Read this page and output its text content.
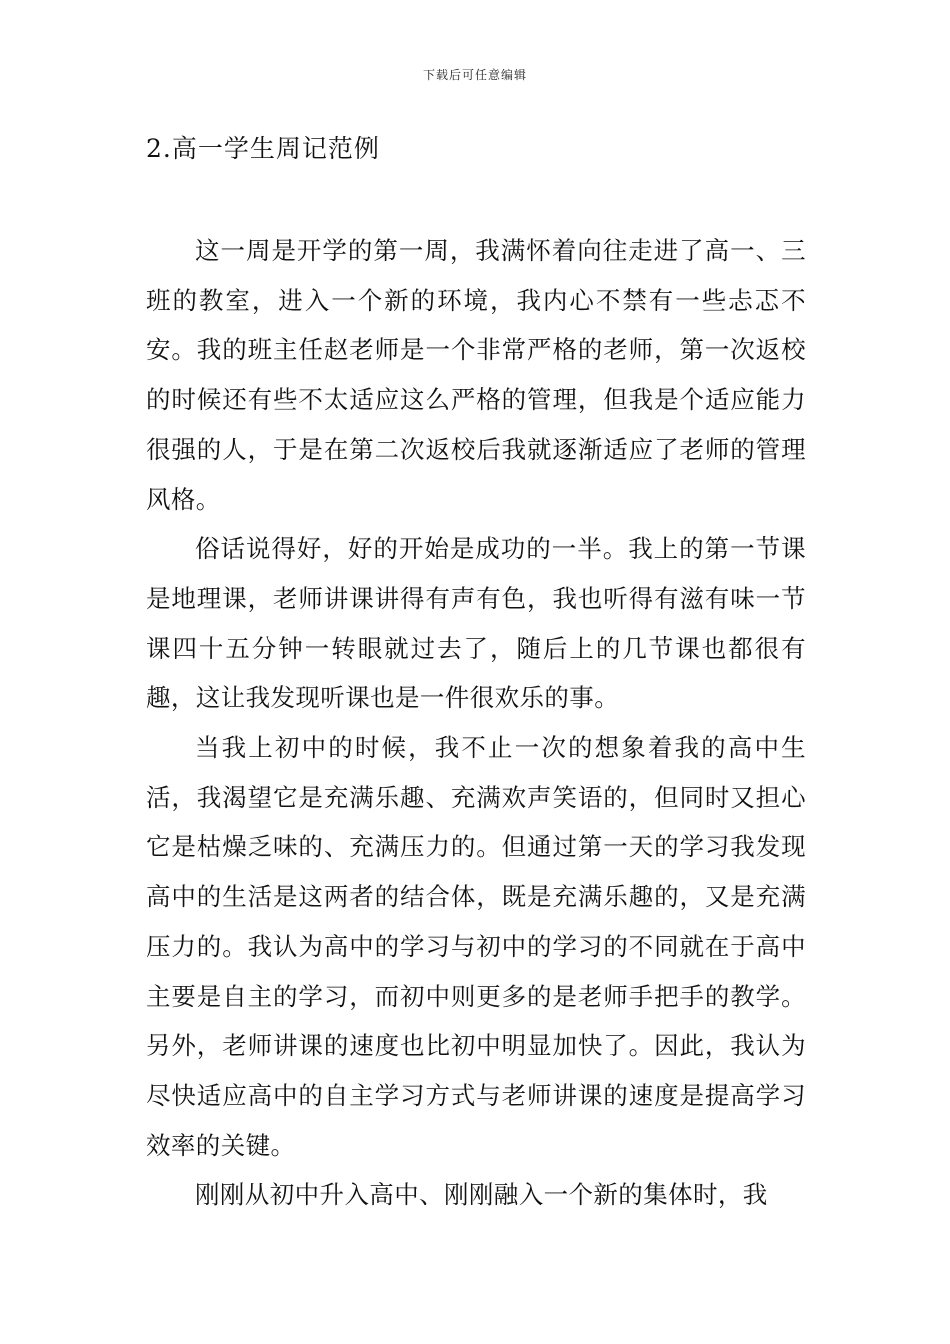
下载后可任意编辑
2.高一学生周记范例

这一周是开学的第一周，我满怀着向往走进了高一、三班的教室，进入一个新的环境，我内心不禁有一些忐忑不安。我的班主任赵老师是一个非常严格的老师，第一次返校的时候还有些不太适应这么严格的管理，但我是个适应能力很强的人，于是在第二次返校后我就逐渐适应了老师的管理风格。

俗话说得好，好的开始是成功的一半。我上的第一节课是地理课，老师讲课讲得有声有色，我也听得有滋有味一节课四十五分钟一转眼就过去了，随后上的几节课也都很有趣，这让我发现听课也是一件很欢乐的事。

当我上初中的时候，我不止一次的想象着我的高中生活，我渴望它是充满乐趣、充满欢声笑语的，但同时又担心它是枯燥乏味的、充满压力的。但通过第一天的学习我发现高中的生活是这两者的结合体，既是充满乐趣的，又是充满压力的。我认为高中的学习与初中的学习的不同就在于高中主要是自主的学习，而初中则更多的是老师手把手的教学。另外，老师讲课的速度也比初中明显加快了。因此，我认为尽快适应高中的自主学习方式与老师讲课的速度是提高学习效率的关键。

刚刚从初中升入高中、刚刚融入一个新的集体时，我
